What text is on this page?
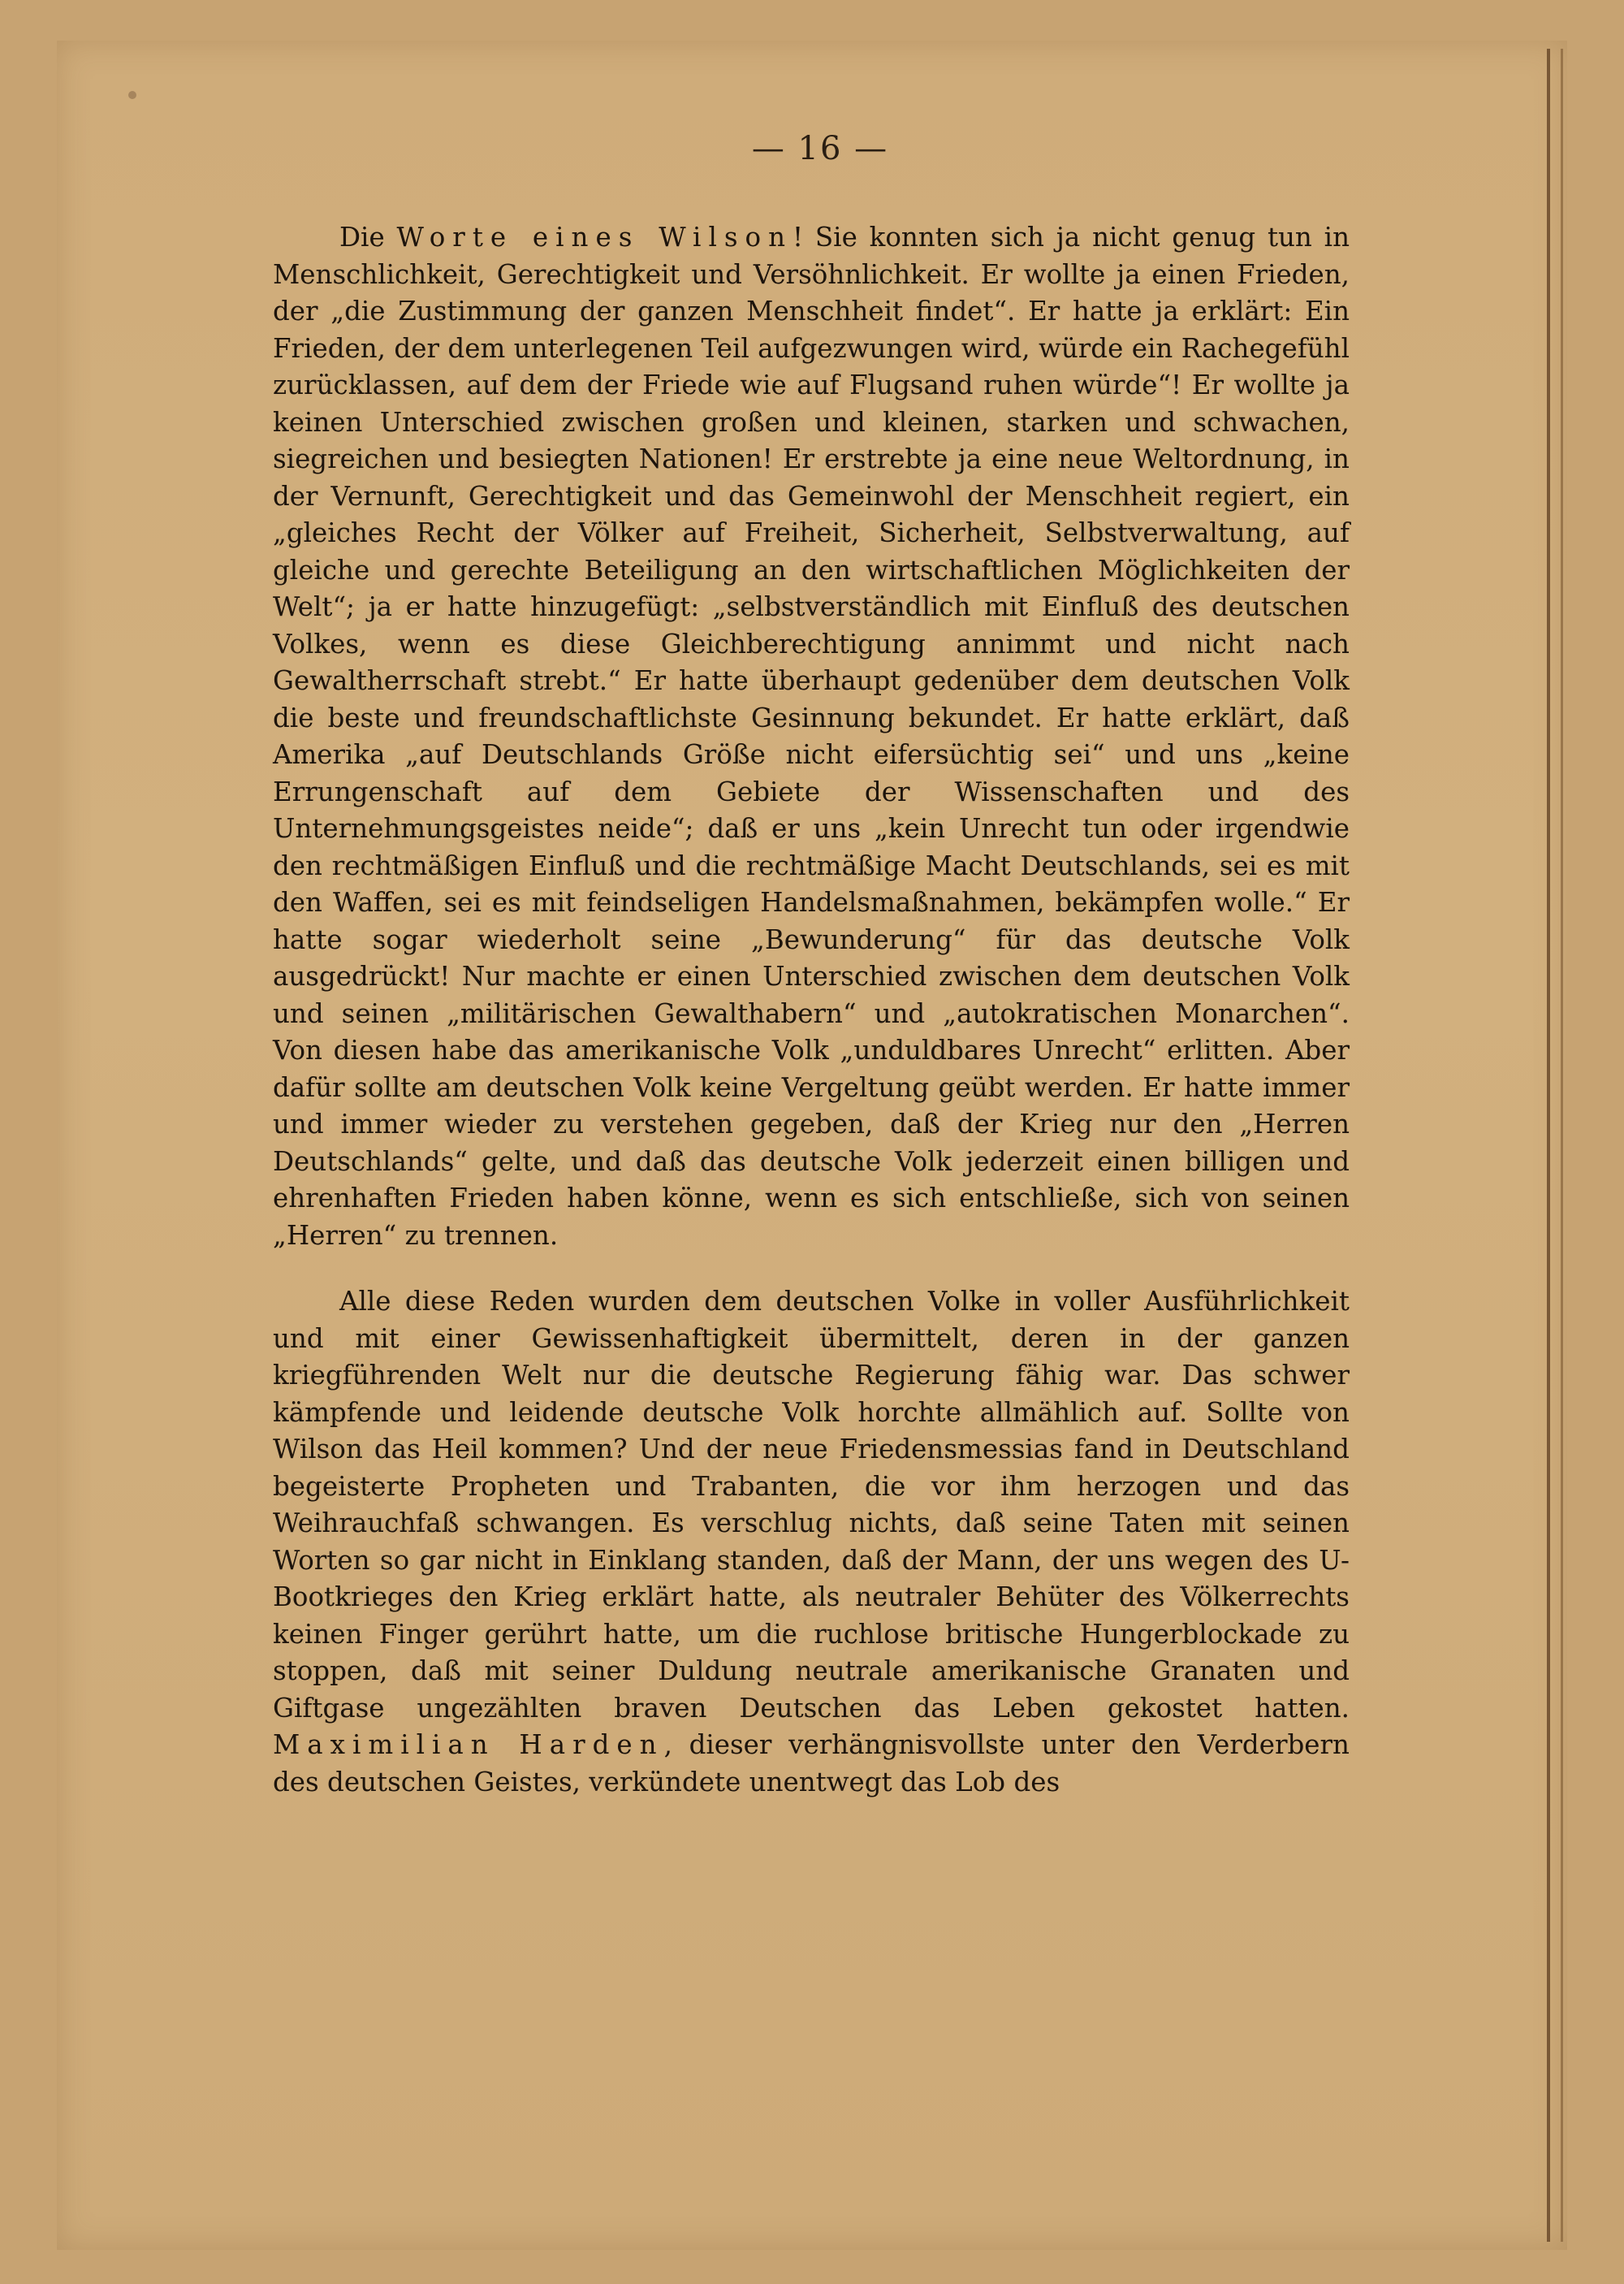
— 16 —

Die Worte eines Wilson! Sie konnten sich ja nicht genug tun in Menschlichkeit, Gerechtigkeit und Versöhnlichkeit. Er wollte ja einen Frieden, der „die Zustimmung der ganzen Menschheit findet“. Er hatte ja erklärt: Ein Frieden, der dem unterlegenen Teil aufgezwungen wird, würde ein Rachegefühl zurücklassen, auf dem der Friede wie auf Flugsand ruhen würde“! Er wollte ja keinen Unterschied zwischen großen und kleinen, starken und schwachen, siegreichen und besiegten Nationen! Er erstrebte ja eine neue Weltordnung, in der Vernunft, Gerechtigkeit und das Gemeinwohl der Menschheit regiert, ein „gleiches Recht der Völker auf Freiheit, Sicherheit, Selbstverwaltung, auf gleiche und gerechte Beteiligung an den wirtschaftlichen Möglichkeiten der Welt“; ja er hatte hinzugefügt: „selbstverständlich mit Einfluß des deutschen Volkes, wenn es diese Gleichberechtigung annimmt und nicht nach Gewaltherrschaft strebt.“ Er hatte überhaupt gedenüber dem deutschen Volk die beste und freundschaftlichste Gesinnung bekundet. Er hatte erklärt, daß Amerika „auf Deutschlands Größe nicht eifersüchtig sei“ und uns „keine Errungenschaft auf dem Gebiete der Wissenschaften und des Unternehmungsgeistes neide“; daß er uns „kein Unrecht tun oder irgendwie den rechtmäßigen Einfluß und die rechtmäßige Macht Deutschlands, sei es mit den Waffen, sei es mit feindseligen Handelsmaßnahmen, bekämpfen wolle.“ Er hatte sogar wiederholt seine „Bewunderung“ für das deutsche Volk ausgedrückt! Nur machte er einen Unterschied zwischen dem deutschen Volk und seinen „militärischen Gewalthabern“ und „autokratischen Monarchen“. Von diesen habe das amerikanische Volk „unduldbares Unrecht“ erlitten. Aber dafür sollte am deutschen Volk keine Vergeltung geübt werden. Er hatte immer und immer wieder zu verstehen gegeben, daß der Krieg nur den „Herren Deutschlands“ gelte, und daß das deutsche Volk jederzeit einen billigen und ehrenhaften Frieden haben könne, wenn es sich entschließe, sich von seinen „Herren“ zu trennen.

Alle diese Reden wurden dem deutschen Volke in voller Ausführlichkeit und mit einer Gewissenhaftigkeit übermittelt, deren in der ganzen kriegführenden Welt nur die deutsche Regierung fähig war. Das schwer kämpfende und leidende deutsche Volk horchte allmählich auf. Sollte von Wilson das Heil kommen? Und der neue Friedensmessias fand in Deutschland begeisterte Propheten und Trabanten, die vor ihm herzogen und das Weihrauchfaß schwangen. Es verschlug nichts, daß seine Taten mit seinen Worten so gar nicht in Einklang standen, daß der Mann, der uns wegen des U-Bootkrieges den Krieg erklärt hatte, als neutraler Behüter des Völkerrechts keinen Finger gerührt hatte, um die ruchlose britische Hungerblockade zu stoppen, daß mit seiner Duldung neutrale amerikanische Granaten und Giftgase ungezählten braven Deutschen das Leben gekostet hatten. Maximilian Harden, dieser verhängnisvollste unter den Verderbern des deutschen Geistes, verkündete unentwegt das Lob des
